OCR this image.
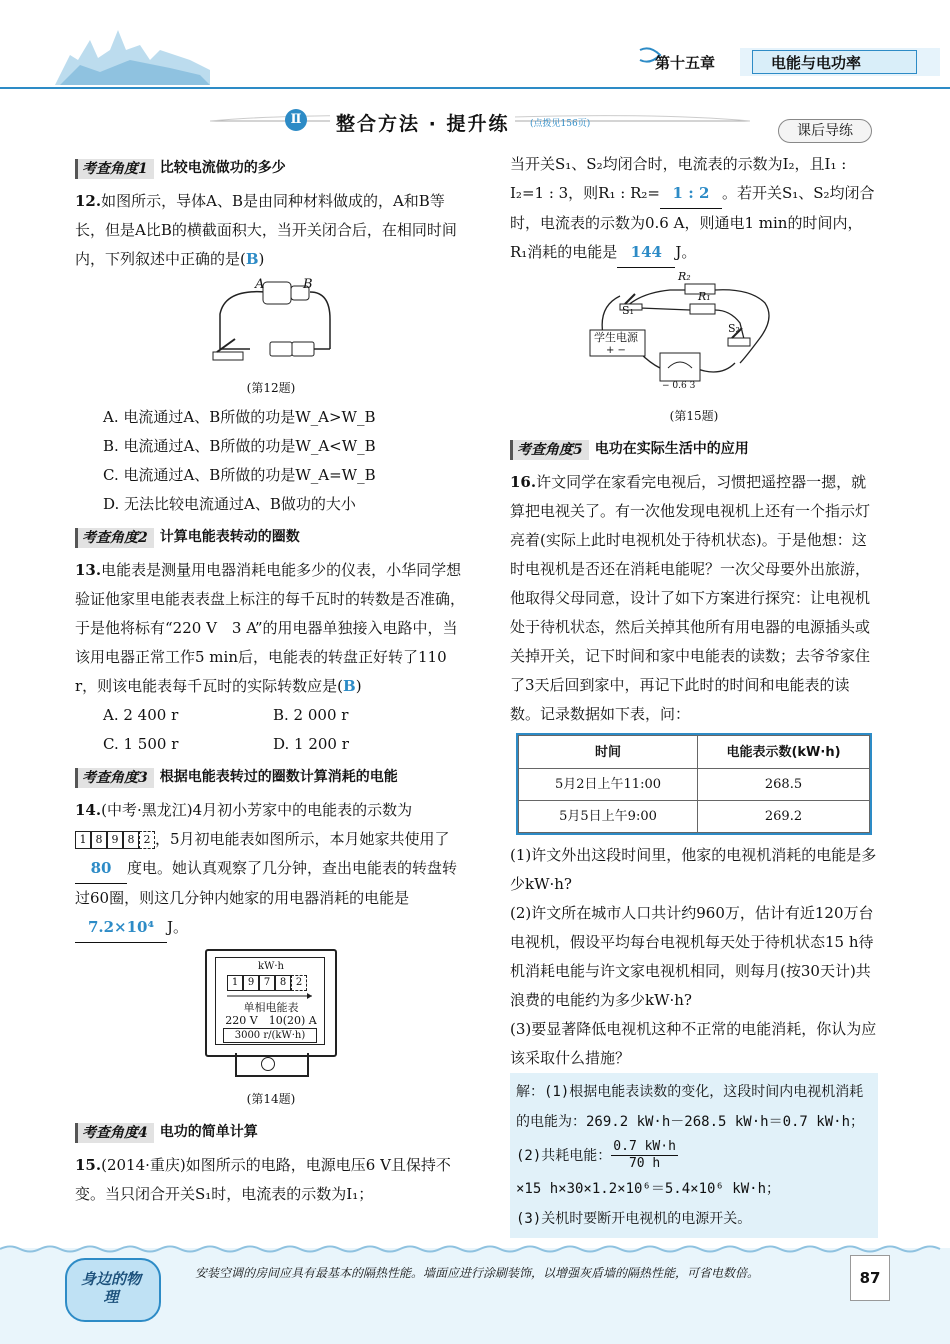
第十五章	电能与电功率
Ⅱ	整合方法 · 提升练	(点拨见156页)	课后导练
考查角度1 比较电流做功的多少
12.如图所示，导体A、B是由同种材料做成的，A和B等长，但是A比B的横截面积大，当开关闭合后，在相同时间内，下列叙述中正确的是(B)
A	B
(第12题)
A. 电流通过A、B所做的功是W_A>W_B
B. 电流通过A、B所做的功是W_A<W_B
C. 电流通过A、B所做的功是W_A=W_B
D. 无法比较电流通过A、B做功的大小
考查角度2 计算电能表转动的圈数
13.电能表是测量用电器消耗电能多少的仪表，小华同学想验证他家里电能表表盘上标注的每千瓦时的转数是否准确，于是他将标有“220 V　3 A”的用电器单独接入电路中，当该用电器正常工作5 min后，电能表的转盘正好转了110 r，则该电能表每千瓦时的实际转数应是(B)
A. 2 400 r	B. 2 000 r
C. 1 500 r	D. 1 200 r
考查角度3 根据电能表转过的圈数计算消耗的电能
14.(中考·黑龙江)4月初小芳家中的电能表的示数为
1 8 9 8 2 ，5月初电能表如图所示，本月她家共使用了80 度电。她认真观察了几分钟，查出电能表的转盘转过60圈，则这几分钟内她家的用电器消耗的电能是7.2×10⁴ J。
kW·h
1 9 7 8 2
单相电能表
220 V　10(20) A
3000 r/(kW·h)
(第14题)
考查角度4 电功的简单计算
15.(2014·重庆)如图所示的电路，电源电压6 V且保持不变。当只闭合开关S₁时，电流表的示数为I₁；
当开关S₁、S₂均闭合时，电流表的示数为I₂，且I₁ : I₂=1 : 3，则R₁ : R₂= 1 : 2 。若开关S₁、S₂均闭合时，电流表的示数为0.6 A，则通电1 min的时间内，R₁消耗的电能是 144 J。
R₂
R₁
S₁
S₂
学生电源
+ −
− 0.6 3
(第15题)
考查角度5 电功在实际生活中的应用
16.许文同学在家看完电视后，习惯把遥控器一摁，就算把电视关了。有一次他发现电视机上还有一个指示灯亮着(实际上此时电视机处于待机状态)。于是他想：这时电视机是否还在消耗电能呢？一次父母要外出旅游，他取得父母同意，设计了如下方案进行探究：让电视机处于待机状态，然后关掉其他所有用电器的电源插头或关掉开关，记下时间和家中电能表的读数；去爷爷家住了3天后回到家中，再记下此时的时间和电能表的读数。记录数据如下表，问：
时间	电能表示数(kW·h)
5月2日上午11:00	268.5
5月5日上午9:00	269.2
(1)许文外出这段时间里，他家的电视机消耗的电能是多少kW·h?
(2)许文所在城市人口共计约960万，估计有近120万台电视机，假设平均每台电视机每天处于待机状态15 h待机消耗电能与许文家电视机相同，则每月(按30天计)共浪费的电能约为多少kW·h?
(3)要显著降低电视机这种不正常的电能消耗，你认为应该采取什么措施？
解：(1)根据电能表读数的变化，这段时间内电视机消耗的电能为：269.2 kW·h－268.5 kW·h＝0.7 kW·h；
(2)共耗电能： $\frac{0.7 kW\cdot h}{70 h}$
×15 h×30×1.2×10⁶＝5.4×10⁶ kW·h；
(3)关机时要断开电视机的电源开关。
身边的物理
安装空调的房间应具有最基本的隔热性能。墙面应进行涂刷装饰，以增强灰盾墙的隔热性能，可省电数倍。	87
